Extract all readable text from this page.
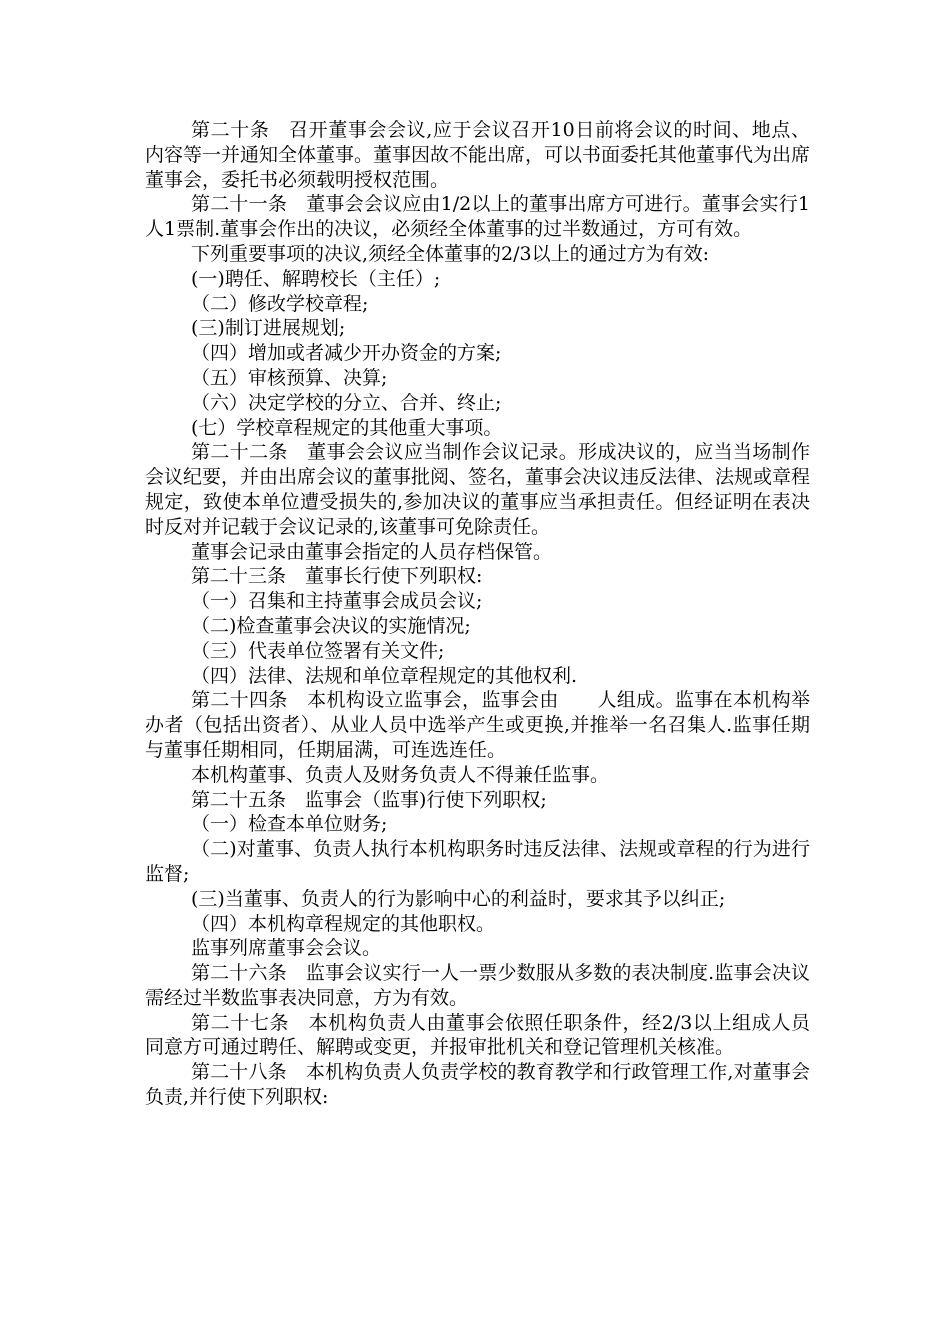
第二十条　召开董事会会议,应于会议召开10日前将会议的时间、地点、内容等一并通知全体董事。董事因故不能出席，可以书面委托其他董事代为出席董事会，委托书必须载明授权范围。

第二十一条　董事会会议应由1/2以上的董事出席方可进行。董事会实行1人1票制.董事会作出的决议，必须经全体董事的过半数通过，方可有效。

下列重要事项的决议,须经全体董事的2/3以上的通过方为有效:

(一)聘任、解聘校长（主任）;

（二）修改学校章程;

(三)制订进展规划;

（四）增加或者减少开办资金的方案;

（五）审核预算、决算;

（六）决定学校的分立、合并、终止;

(七）学校章程规定的其他重大事项。

第二十二条　董事会会议应当制作会议记录。形成决议的，应当当场制作会议纪要，并由出席会议的董事批阅、签名，董事会决议违反法律、法规或章程规定，致使本单位遭受损失的,参加决议的董事应当承担责任。但经证明在表决时反对并记载于会议记录的,该董事可免除责任。

董事会记录由董事会指定的人员存档保管。

第二十三条　董事长行使下列职权:

（一）召集和主持董事会成员会议;

（二)检查董事会决议的实施情况;

（三）代表单位签署有关文件;

（四）法律、法规和单位章程规定的其他权利.

第二十四条　本机构设立监事会，监事会由　　人组成。监事在本机构举办者（包括出资者）、从业人员中选举产生或更换,并推举一名召集人.监事任期与董事任期相同，任期届满，可连选连任。

本机构董事、负责人及财务负责人不得兼任监事。

第二十五条　监事会（监事)行使下列职权;

（一）检查本单位财务;

（二)对董事、负责人执行本机构职务时违反法律、法规或章程的行为进行监督;

(三)当董事、负责人的行为影响中心的利益时，要求其予以纠正;

（四）本机构章程规定的其他职权。

监事列席董事会会议。

第二十六条　监事会议实行一人一票少数服从多数的表决制度.监事会决议需经过半数监事表决同意，方为有效。

第二十七条　本机构负责人由董事会依照任职条件，经2/3以上组成人员同意方可通过聘任、解聘或变更，并报审批机关和登记管理机关核准。

第二十八条　本机构负责人负责学校的教育教学和行政管理工作,对董事会负责,并行使下列职权:
